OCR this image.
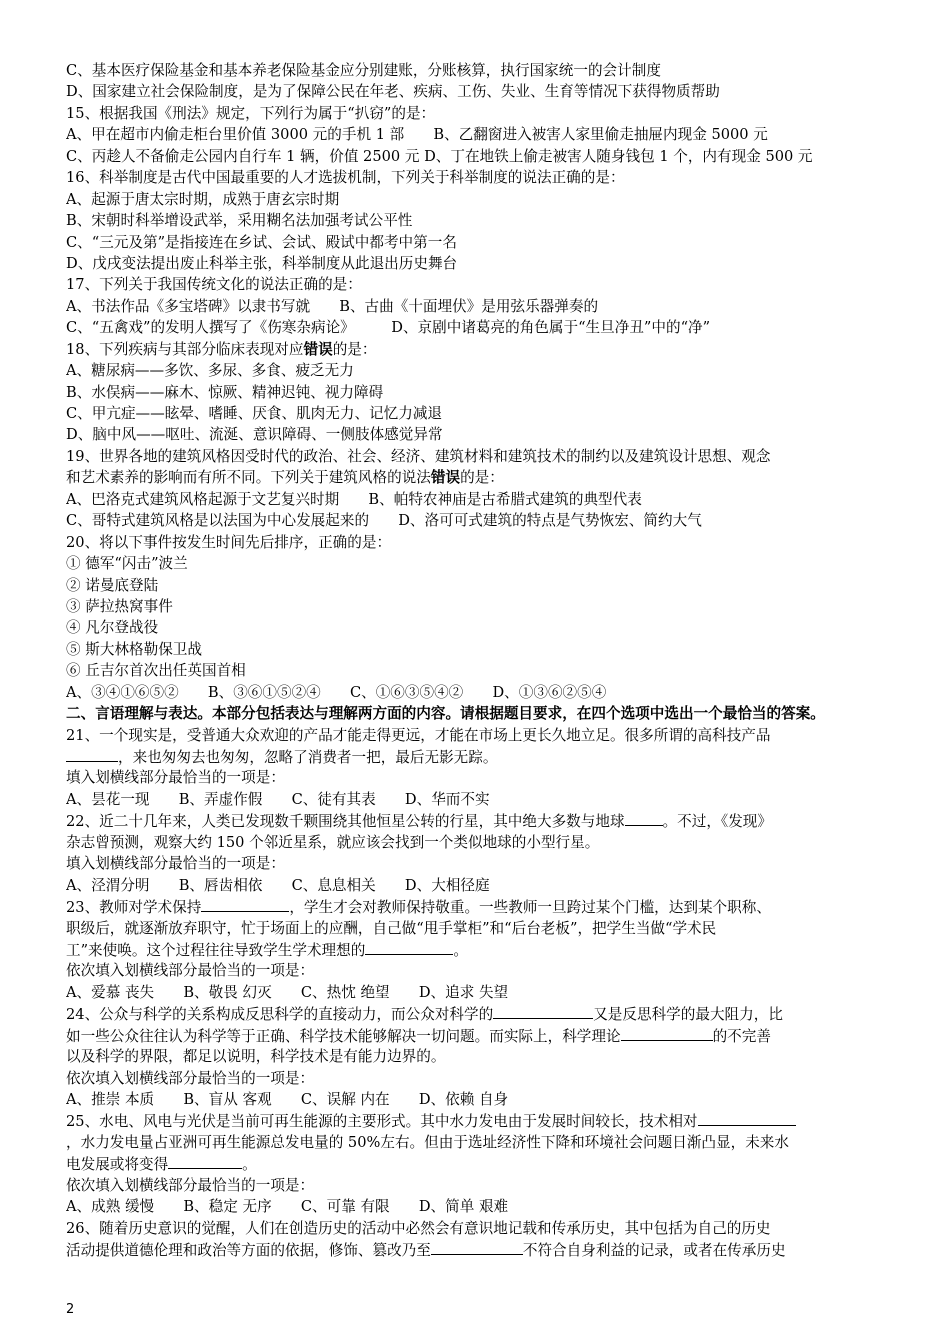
C、基本医疗保险基金和基本养老保险基金应分别建账，分账核算，执行国家统一的会计制度
D、国家建立社会保险制度，是为了保障公民在年老、疾病、工伤、失业、生育等情况下获得物质帮助
15、根据我国《刑法》规定，下列行为属于“扒窃”的是：
A、甲在超市内偷走柜台里价值 3000 元的手机 1 部　　B、乙翻窗进入被害人家里偷走抽屉内现金 5000 元
C、丙趁人不备偷走公园内自行车 1 辆，价值 2500 元 D、丁在地铁上偷走被害人随身钱包 1 个，内有现金 500 元
16、科举制度是古代中国最重要的人才选拔机制，下列关于科举制度的说法正确的是：
A、起源于唐太宗时期，成熟于唐玄宗时期
B、宋朝时科举增设武举，采用糊名法加强考试公平性
C、“三元及第”是指接连在乡试、会试、殿试中都考中第一名
D、戊戌变法提出废止科举主张，科举制度从此退出历史舞台
17、下列关于我国传统文化的说法正确的是：
A、书法作品《多宝塔碑》以隶书写就　　B、古曲《十面埋伏》是用弦乐器弹奏的
C、“五禽戏”的发明人撰写了《伤寒杂病论》　　　D、京剧中诸葛亮的角色属于“生旦净丑”中的“净”
18、下列疾病与其部分临床表现对应错误的是：
A、糖尿病——多饮、多尿、多食、疲乏无力
B、水俣病——麻木、惊厥、精神迟钝、视力障碍
C、甲亢症——眩晕、嗜睡、厌食、肌肉无力、记忆力减退
D、脑中风——呕吐、流涎、意识障碍、一侧肢体感觉异常
19、世界各地的建筑风格因受时代的政治、社会、经济、建筑材料和建筑技术的制约以及建筑设计思想、观念
和艺术素养的影响而有所不同。下列关于建筑风格的说法错误的是：
A、巴洛克式建筑风格起源于文艺复兴时期　　B、帕特农神庙是古希腊式建筑的典型代表
C、哥特式建筑风格是以法国为中心发展起来的　　D、洛可可式建筑的特点是气势恢宏、简约大气
20、将以下事件按发生时间先后排序，正确的是：
① 德军“闪击”波兰
② 诺曼底登陆
③ 萨拉热窝事件
④ 凡尔登战役
⑤ 斯大林格勒保卫战
⑥ 丘吉尔首次出任英国首相
A、③④①⑥⑤②　　B、③⑥①⑤②④　　C、①⑥③⑤④②　　D、①③⑥②⑤④
二、言语理解与表达。本部分包括表达与理解两方面的内容。请根据题目要求，在四个选项中选出一个最恰当的答案。
21、一个现实是，受普通大众欢迎的产品才能走得更远，才能在市场上更长久地立足。很多所谓的高科技产品
，来也匆匆去也匆匆，忽略了消费者一把，最后无影无踪。
填入划横线部分最恰当的一项是：
A、昙花一现　　B、弄虚作假　　C、徒有其表　　D、华而不实
22、近二十几年来，人类已发现数千颗围绕其他恒星公转的行星，其中绝大多数与地球	。不过，《发现》
杂志曾预测，观察大约 150 个邻近星系，就应该会找到一个类似地球的小型行星。
填入划横线部分最恰当的一项是：
A、泾渭分明　　B、唇齿相依　　C、息息相关　　D、大相径庭
23、教师对学术保持	，学生才会对教师保持敬重。一些教师一旦跨过某个门槛，达到某个职称、
职级后，就逐渐放弃职守，忙于场面上的应酬，自己做“甩手掌柜”和“后台老板”，把学生当做“学术民
工”来使唤。这个过程往往导致学生学术理想的	。
依次填入划横线部分最恰当的一项是：
A、爱慕 丧失　　B、敬畏 幻灭　　C、热忱 绝望　　D、追求 失望
24、公众与科学的关系构成反思科学的直接动力，而公众对科学的	又是反思科学的最大阻力，比
如一些公众往往认为科学等于正确、科学技术能够解决一切问题。而实际上，科学理论	的不完善
以及科学的界限，都足以说明，科学技术是有能力边界的。
依次填入划横线部分最恰当的一项是：
A、推崇 本质　　B、盲从 客观　　C、误解 内在　　D、依赖 自身
25、水电、风电与光伏是当前可再生能源的主要形式。其中水力发电由于发展时间较长，技术相对
，水力发电量占亚洲可再生能源总发电量的 50%左右。但由于选址经济性下降和环境社会问题日渐凸显，未来水
电发展或将变得	。
依次填入划横线部分最恰当的一项是：
A、成熟 缓慢　　B、稳定 无序　　C、可靠 有限　　D、简单 艰难
26、随着历史意识的觉醒，人们在创造历史的活动中必然会有意识地记载和传承历史，其中包括为自己的历史
活动提供道德伦理和政治等方面的依据，修饰、篡改乃至	不符合自身利益的记录，或者在传承历史
2
